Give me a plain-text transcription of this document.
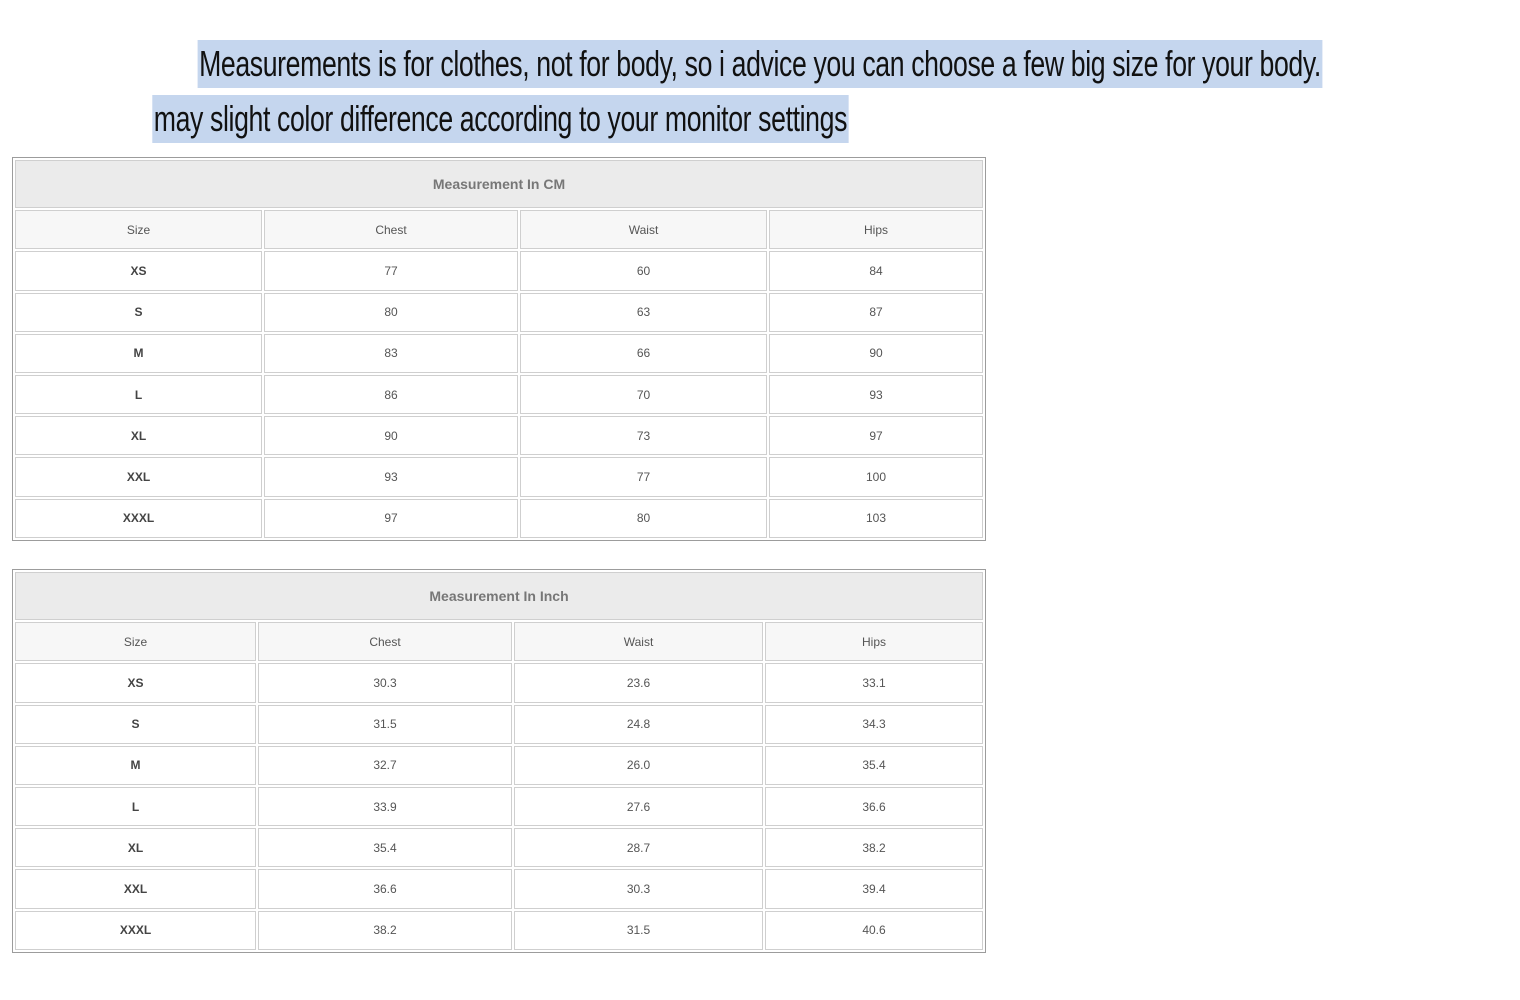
Measurements is for clothes, not for body, so i advice you can choose a few big size for your body.
may slight color difference according to your monitor settings
Measurement In CM			
Size	Chest	Waist	Hips
XS	77	60	84
S	80	63	87
M	83	66	90
L	86	70	93
XL	90	73	97
XXL	93	77	100
XXXL	97	80	103
Measurement In Inch			
Size	Chest	Waist	Hips
XS	30.3	23.6	33.1
S	31.5	24.8	34.3
M	32.7	26.0	35.4
L	33.9	27.6	36.6
XL	35.4	28.7	38.2
XXL	36.6	30.3	39.4
XXXL	38.2	31.5	40.6
